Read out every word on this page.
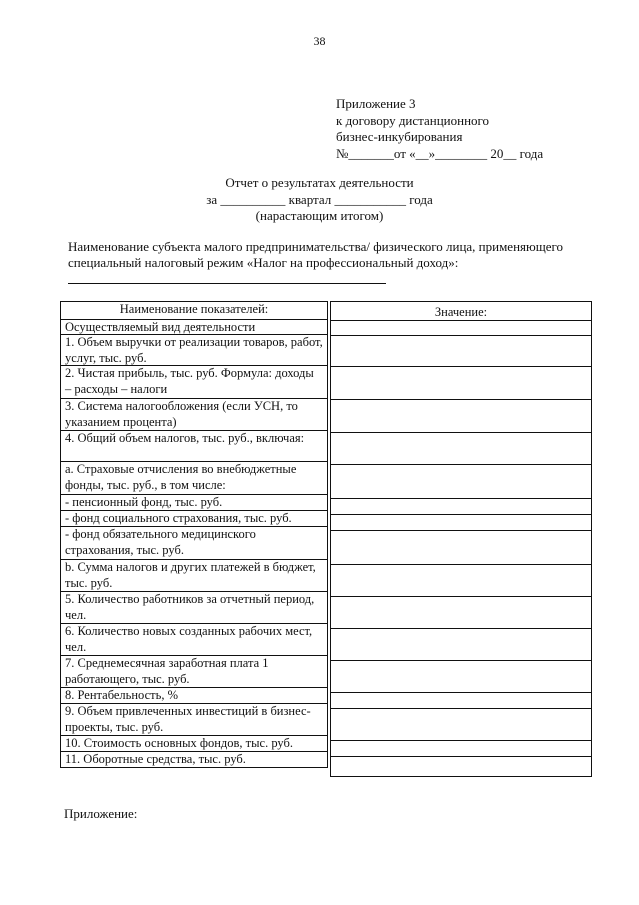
38
Приложение 3
к договору дистанционного
бизнес-инкубирования
№_______от «__»________ 20__ года
Отчет о результатах деятельности
за __________ квартал ___________ года
(нарастающим итогом)
Наименование субъекта малого предпринимательства/ физического лица, применяющего специальный налоговый режим «Налог на профессиональный доход»:
Наименование показателей:
Осуществляемый вид деятельности
1. Объем выручки от реализации товаров, работ, услуг, тыс. руб.
2. Чистая прибыль, тыс. руб. Формула: доходы – расходы – налоги
3. Система налогообложения (если УСН, то указанием процента)
4. Общий объем налогов, тыс. руб., включая:
a. Страховые отчисления во внебюджетные фонды, тыс. руб., в том числе:
- пенсионный фонд, тыс. руб.
- фонд социального страхования, тыс. руб.
- фонд обязательного медицинского страхования, тыс. руб.
b. Сумма налогов и других платежей в бюджет, тыс. руб.
5. Количество работников за отчетный период, чел.
6. Количество новых созданных рабочих мест, чел.
7. Среднемесячная заработная плата 1 работающего, тыс. руб.
8. Рентабельность, %
9. Объем привлеченных инвестиций в бизнес-проекты, тыс. руб.
10. Стоимость основных фондов, тыс. руб.
11. Оборотные средства, тыс. руб.
Значение:
Приложение:
